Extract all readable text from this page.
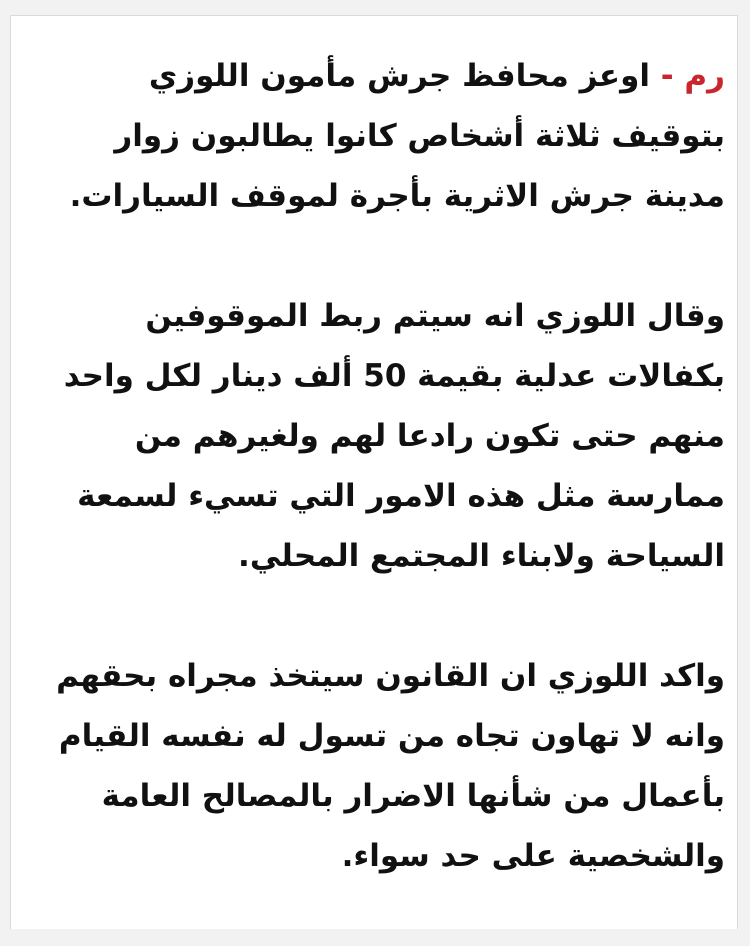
رم - اوعز محافظ جرش مأمون اللوزي بتوقيف ثلاثة أشخاص كانوا يطالبون زوار مدينة جرش الاثرية بأجرة لموقف السيارات.

وقال اللوزي انه سيتم ربط الموقوفين بكفالات عدلية بقيمة 50 ألف دينار لكل واحد منهم حتى تكون رادعا لهم ولغيرهم من ممارسة مثل هذه الامور التي تسيء لسمعة السياحة ولابناء المجتمع المحلي.

واكد اللوزي ان القانون سيتخذ مجراه بحقهم وانه لا تهاون تجاه من تسول له نفسه القيام بأعمال من شأنها الاضرار بالمصالح العامة والشخصية على حد سواء.
